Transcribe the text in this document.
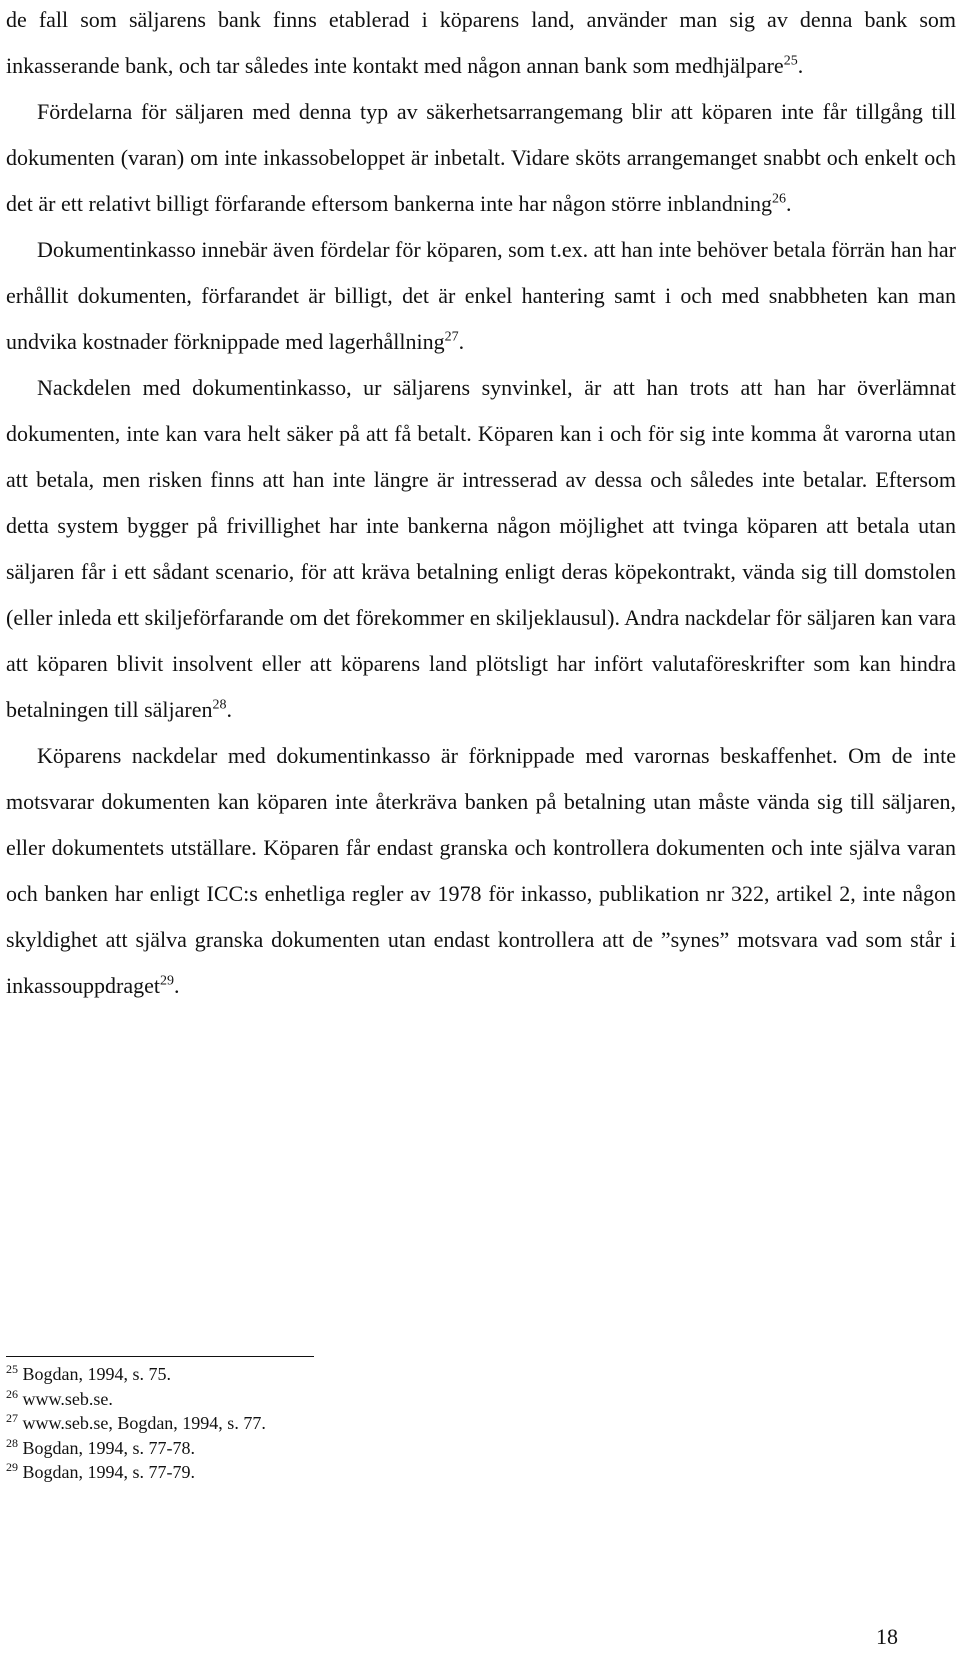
de fall som säljarens bank finns etablerad i köparens land, använder man sig av denna bank som inkasserande bank, och tar således inte kontakt med någon annan bank som medhjälpare$^{25}$.

Fördelarna för säljaren med denna typ av säkerhetsarrangemang blir att köparen inte får tillgång till dokumenten (varan) om inte inkassobeloppet är inbetalt. Vidare sköts arrangemanget snabbt och enkelt och det är ett relativt billigt förfarande eftersom bankerna inte har någon större inblandning$^{26}$.

Dokumentinkasso innebär även fördelar för köparen, som t.ex. att han inte behöver betala förrän han har erhållit dokumenten, förfarandet är billigt, det är enkel hantering samt i och med snabbheten kan man undvika kostnader förknippade med lagerhållning$^{27}$.

Nackdelen med dokumentinkasso, ur säljarens synvinkel, är att han trots att han har överlämnat dokumenten, inte kan vara helt säker på att få betalt. Köparen kan i och för sig inte komma åt varorna utan att betala, men risken finns att han inte längre är intresserad av dessa och således inte betalar. Eftersom detta system bygger på frivillighet har inte bankerna någon möjlighet att tvinga köparen att betala utan säljaren får i ett sådant scenario, för att kräva betalning enligt deras köpekontrakt, vända sig till domstolen (eller inleda ett skiljeförfarande om det förekommer en skiljeklausul). Andra nackdelar för säljaren kan vara att köparen blivit insolvent eller att köparens land plötsligt har infört valutaföreskrifter som kan hindra betalningen till säljaren$^{28}$.

Köparens nackdelar med dokumentinkasso är förknippade med varornas beskaffenhet. Om de inte motsvarar dokumenten kan köparen inte återkräva banken på betalning utan måste vända sig till säljaren, eller dokumentets utställare. Köparen får endast granska och kontrollera dokumenten och inte själva varan och banken har enligt ICC:s enhetliga regler av 1978 för inkasso, publikation nr 322, artikel 2, inte någon skyldighet att själva granska dokumenten utan endast kontrollera att de ”synes” motsvara vad som står i inkassouppdraget$^{29}$.

$^{25}$ Bogdan, 1994, s. 75.

$^{26}$ www.seb.se.

$^{27}$ www.seb.se, Bogdan, 1994, s. 77.

$^{28}$ Bogdan, 1994, s. 77-78.

$^{29}$ Bogdan, 1994, s. 77-79.

18
